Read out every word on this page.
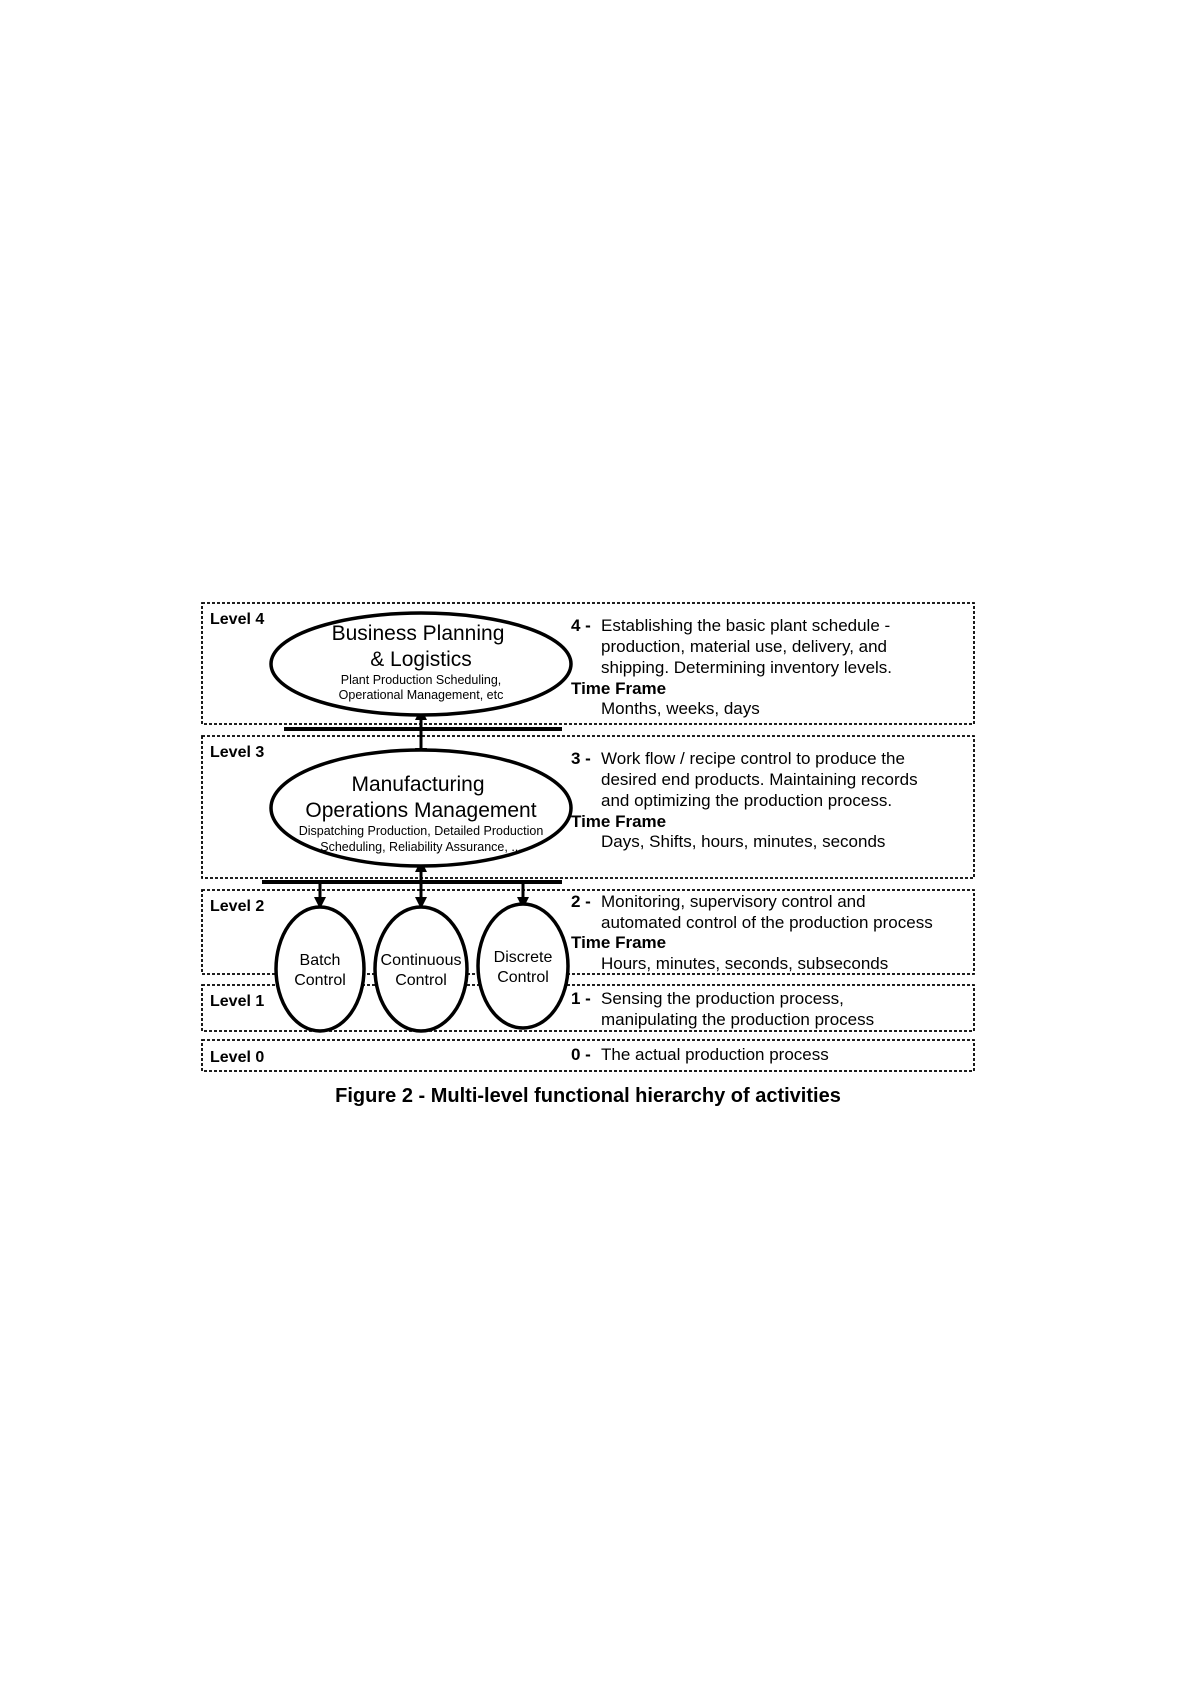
Level 4
Level 3
Level 2
Level 1
Level 0
Business Planning
& Logistics
Plant Production Scheduling,
Operational Management, etc
Manufacturing
Operations Management
Dispatching Production, Detailed Production
Scheduling, Reliability Assurance, ...
Batch
Control
Continuous
Control
Discrete
Control
4 - Establishing the basic plant schedule -
production, material use, delivery, and
shipping. Determining inventory levels.
Time Frame
Months, weeks, days
3 - Work flow / recipe control to produce the
desired end products. Maintaining records
and optimizing the production process.
Time Frame
Days, Shifts, hours, minutes, seconds
2 - Monitoring, supervisory control and
automated control of the production process
Time Frame
Hours, minutes, seconds, subseconds
1 - Sensing the production process,
manipulating the production process
0 - The actual production process
Figure 2 - Multi-level functional hierarchy of activities
